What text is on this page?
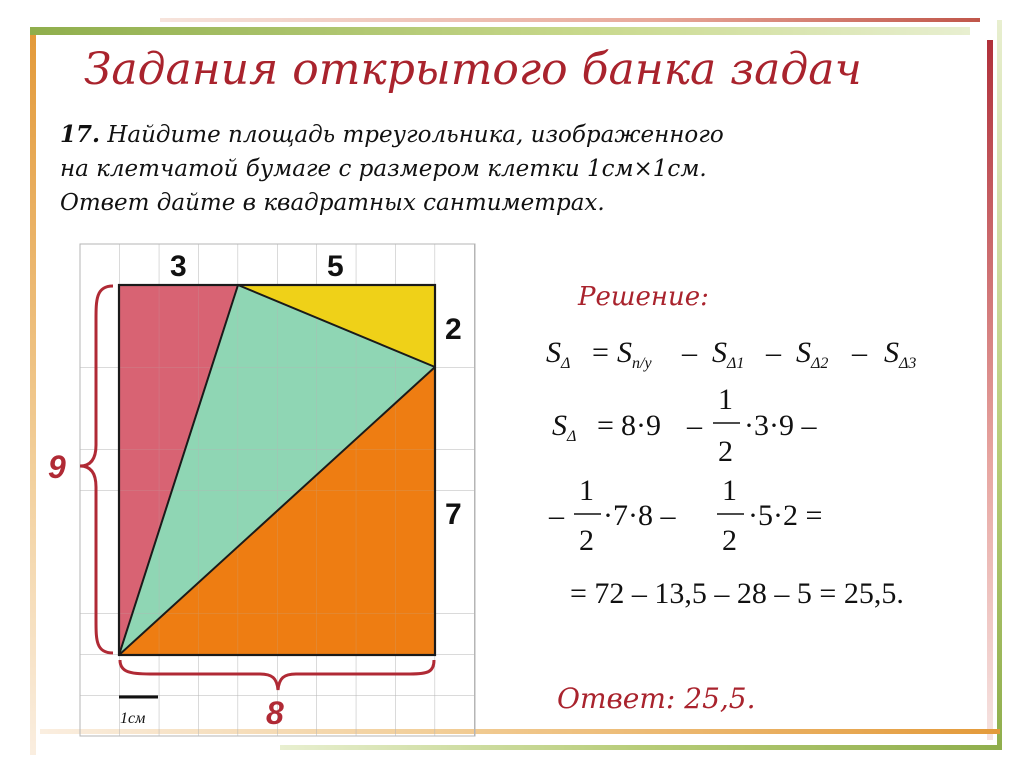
Задания открытого банка задач
17. Найдите площадь треугольника, изображенного
на клетчатой бумаге с размером клетки 1см×1см.
Ответ дайте в квадратных сантиметрах.
3	5
2
7
9
8
1см
Решение:
$S_\Delta = S_{п/у} - S_{\Delta 1} - S_{\Delta 2} - S_{\Delta 3}$
$S_\Delta = 8\cdot 9$ –
1
2
·3·9 –
–
1
2
·7·8 –
1
2
·5·2 =
= 72 – 13,5 – 28 – 5 = 25,5.
Ответ: 25,5.
